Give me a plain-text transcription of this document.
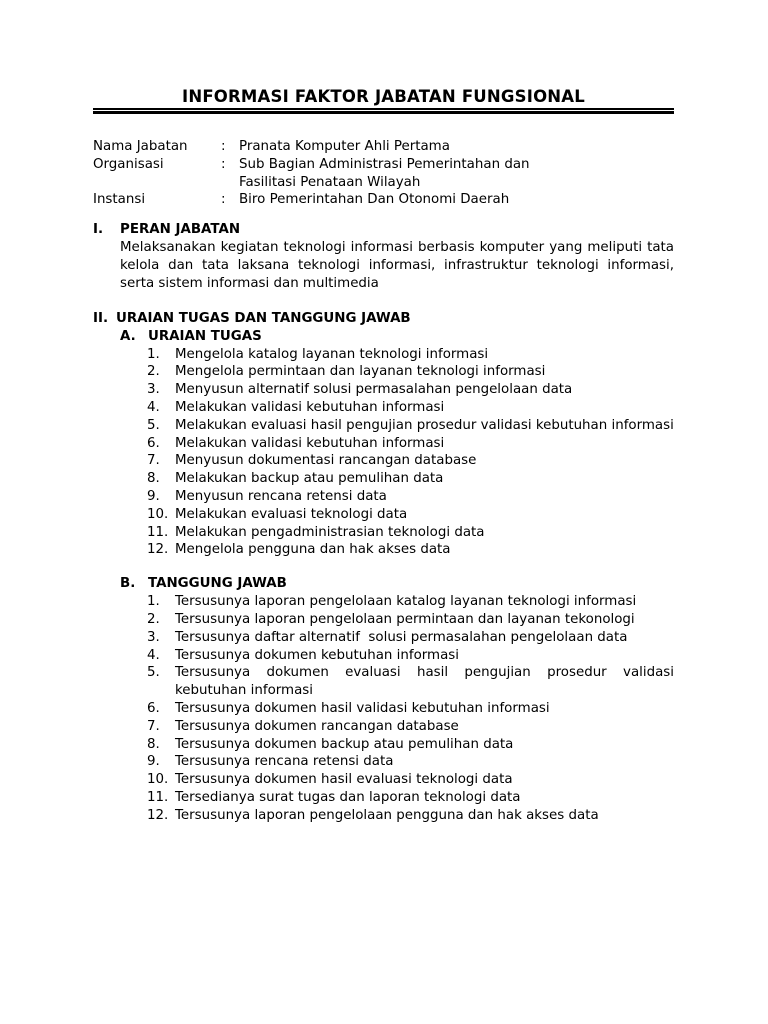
INFORMASI FAKTOR JABATAN FUNGSIONAL
Nama Jabatan	:	Pranata Komputer Ahli Pertama
Organisasi	:	Sub Bagian Administrasi Pemerintahan dan
Fasilitasi Penataan Wilayah
Instansi	:	Biro Pemerintahan Dan Otonomi Daerah
I.	PERAN JABATAN
Melaksanakan kegiatan teknologi informasi berbasis komputer yang meliputi tata kelola dan tata laksana teknologi informasi, infrastruktur teknologi informasi, serta sistem informasi dan multimedia
II. URAIAN TUGAS DAN TANGGUNG JAWAB
A. URAIAN TUGAS
1.	Mengelola katalog layanan teknologi informasi
2.	Mengelola permintaan dan layanan teknologi informasi
3.	Menyusun alternatif solusi permasalahan pengelolaan data
4.	Melakukan validasi kebutuhan informasi
5.	Melakukan evaluasi hasil pengujian prosedur validasi kebutuhan informasi
6.	Melakukan validasi kebutuhan informasi
7.	Menyusun dokumentasi rancangan database
8.	Melakukan backup atau pemulihan data
9.	Menyusun rencana retensi data
10. Melakukan evaluasi teknologi data
11. Melakukan pengadministrasian teknologi data
12. Mengelola pengguna dan hak akses data
B. TANGGUNG JAWAB
1.	Tersusunya laporan pengelolaan katalog layanan teknologi informasi
2.	Tersusunya laporan pengelolaan permintaan dan layanan tekonologi
3.	Tersusunya daftar alternatif  solusi permasalahan pengelolaan data
4.	Tersusunya dokumen kebutuhan informasi
5.	Tersusunya dokumen evaluasi hasil pengujian prosedur validasi kebutuhan informasi
6.	Tersusunya dokumen hasil validasi kebutuhan informasi
7.	Tersusunya dokumen rancangan database
8.	Tersusunya dokumen backup atau pemulihan data
9.	Tersusunya rencana retensi data
10. Tersusunya dokumen hasil evaluasi teknologi data
11. Tersedianya surat tugas dan laporan teknologi data
12. Tersusunya laporan pengelolaan pengguna dan hak akses data
